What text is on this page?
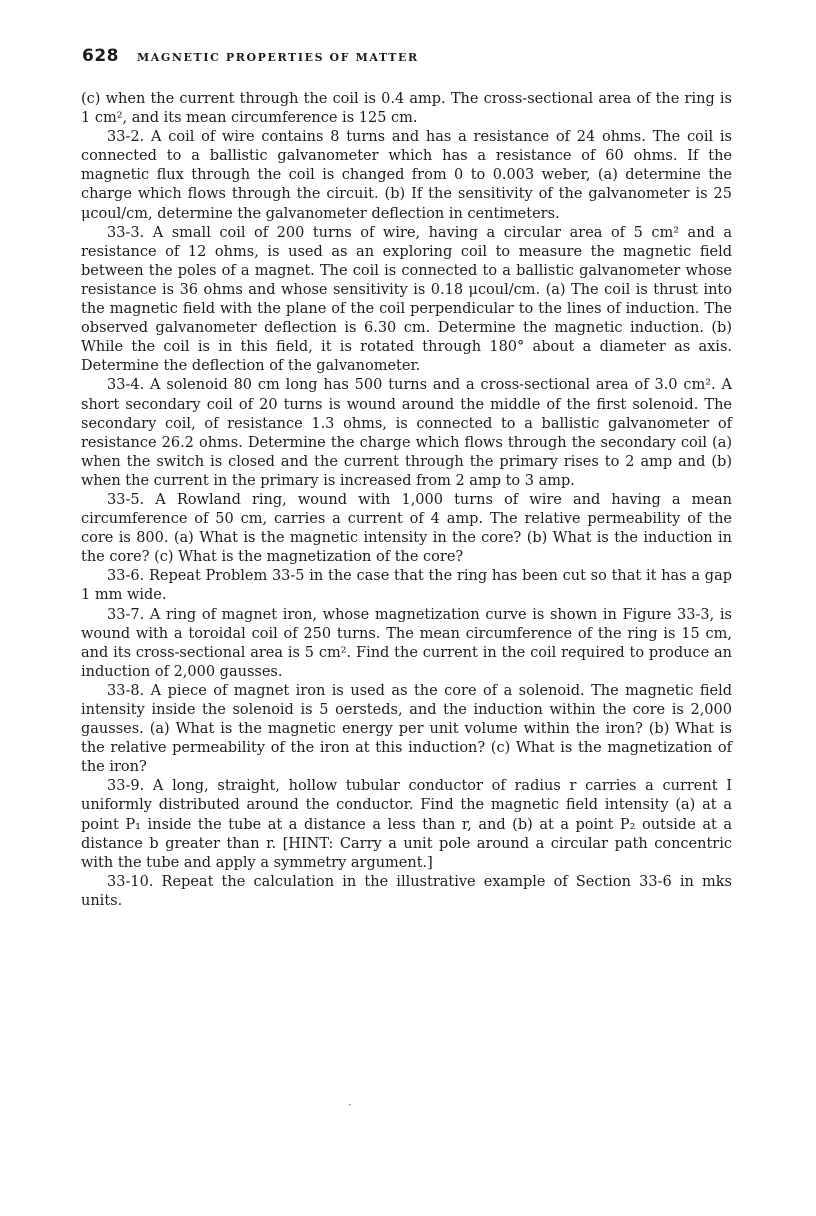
628 MAGNETIC PROPERTIES OF MATTER

(c) when the current through the coil is 0.4 amp. The cross-sectional area of the ring is 1 cm², and its mean circumference is 125 cm.

33-2. A coil of wire contains 8 turns and has a resistance of 24 ohms. The coil is connected to a ballistic galvanometer which has a resistance of 60 ohms. If the magnetic flux through the coil is changed from 0 to 0.003 weber, (a) determine the charge which flows through the circuit. (b) If the sensitivity of the galvanometer is 25 μcoul/cm, determine the galvanometer deflection in centimeters.

33-3. A small coil of 200 turns of wire, having a circular area of 5 cm² and a resistance of 12 ohms, is used as an exploring coil to measure the magnetic field between the poles of a magnet. The coil is connected to a ballistic galvanometer whose resistance is 36 ohms and whose sensitivity is 0.18 μcoul/cm. (a) The coil is thrust into the magnetic field with the plane of the coil perpendicular to the lines of induction. The observed galvanometer deflection is 6.30 cm. Determine the magnetic induction. (b) While the coil is in this field, it is rotated through 180° about a diameter as axis. Determine the deflection of the galvanometer.

33-4. A solenoid 80 cm long has 500 turns and a cross-sectional area of 3.0 cm². A short secondary coil of 20 turns is wound around the middle of the first solenoid. The secondary coil, of resistance 1.3 ohms, is connected to a ballistic galvanometer of resistance 26.2 ohms. Determine the charge which flows through the secondary coil (a) when the switch is closed and the current through the primary rises to 2 amp and (b) when the current in the primary is increased from 2 amp to 3 amp.

33-5. A Rowland ring, wound with 1,000 turns of wire and having a mean circumference of 50 cm, carries a current of 4 amp. The relative permeability of the core is 800. (a) What is the magnetic intensity in the core? (b) What is the induction in the core? (c) What is the magnetization of the core?

33-6. Repeat Problem 33-5 in the case that the ring has been cut so that it has a gap 1 mm wide.

33-7. A ring of magnet iron, whose magnetization curve is shown in Figure 33-3, is wound with a toroidal coil of 250 turns. The mean circumference of the ring is 15 cm, and its cross-sectional area is 5 cm². Find the current in the coil required to produce an induction of 2,000 gausses.

33-8. A piece of magnet iron is used as the core of a solenoid. The magnetic field intensity inside the solenoid is 5 oersteds, and the induction within the core is 2,000 gausses. (a) What is the magnetic energy per unit volume within the iron? (b) What is the relative permeability of the iron at this induction? (c) What is the magnetization of the iron?

33-9. A long, straight, hollow tubular conductor of radius r carries a current I uniformly distributed around the conductor. Find the magnetic field intensity (a) at a point P₁ inside the tube at a distance a less than r, and (b) at a point P₂ outside at a distance b greater than r. [HINT: Carry a unit pole around a circular path concentric with the tube and apply a symmetry argument.]

33-10. Repeat the calculation in the illustrative example of Section 33-6 in mks units.

·
